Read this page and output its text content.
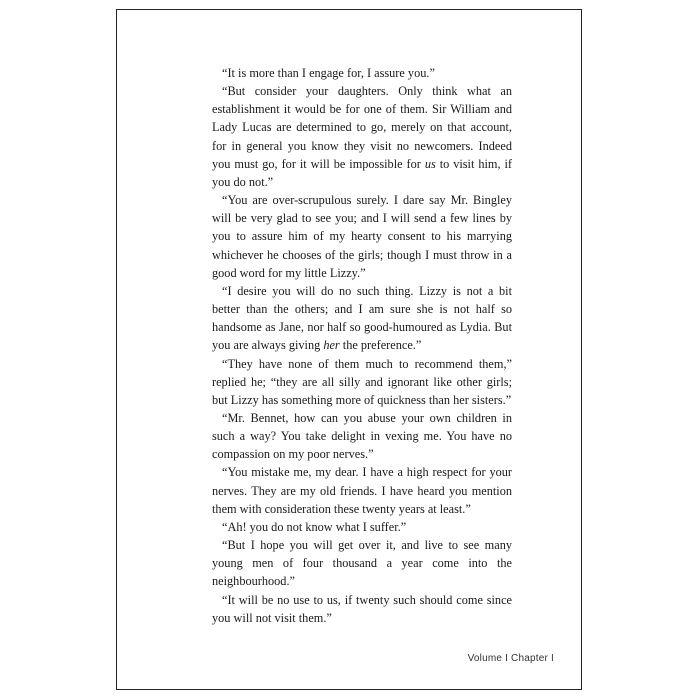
“It is more than I engage for, I assure you.”

“But consider your daughters. Only think what an establishment it would be for one of them. Sir William and Lady Lucas are determined to go, merely on that account, for in general you know they visit no newcomers. Indeed you must go, for it will be impossible for us to visit him, if you do not.”

“You are over-scrupulous surely. I dare say Mr. Bingley will be very glad to see you; and I will send a few lines by you to assure him of my hearty consent to his marrying whichever he chooses of the girls; though I must throw in a good word for my little Lizzy.”

“I desire you will do no such thing. Lizzy is not a bit better than the others; and I am sure she is not half so handsome as Jane, nor half so good-humoured as Lydia. But you are always giving her the preference.”

“They have none of them much to recommend them,” replied he; “they are all silly and ignorant like other girls; but Lizzy has something more of quickness than her sisters.”

“Mr. Bennet, how can you abuse your own children in such a way? You take delight in vexing me. You have no compassion on my poor nerves.”

“You mistake me, my dear. I have a high respect for your nerves. They are my old friends. I have heard you mention them with consideration these twenty years at least.”

“Ah! you do not know what I suffer.”

“But I hope you will get over it, and live to see many young men of four thousand a year come into the neighbourhood.”

“It will be no use to us, if twenty such should come since you will not visit them.”

Volume I Chapter I
